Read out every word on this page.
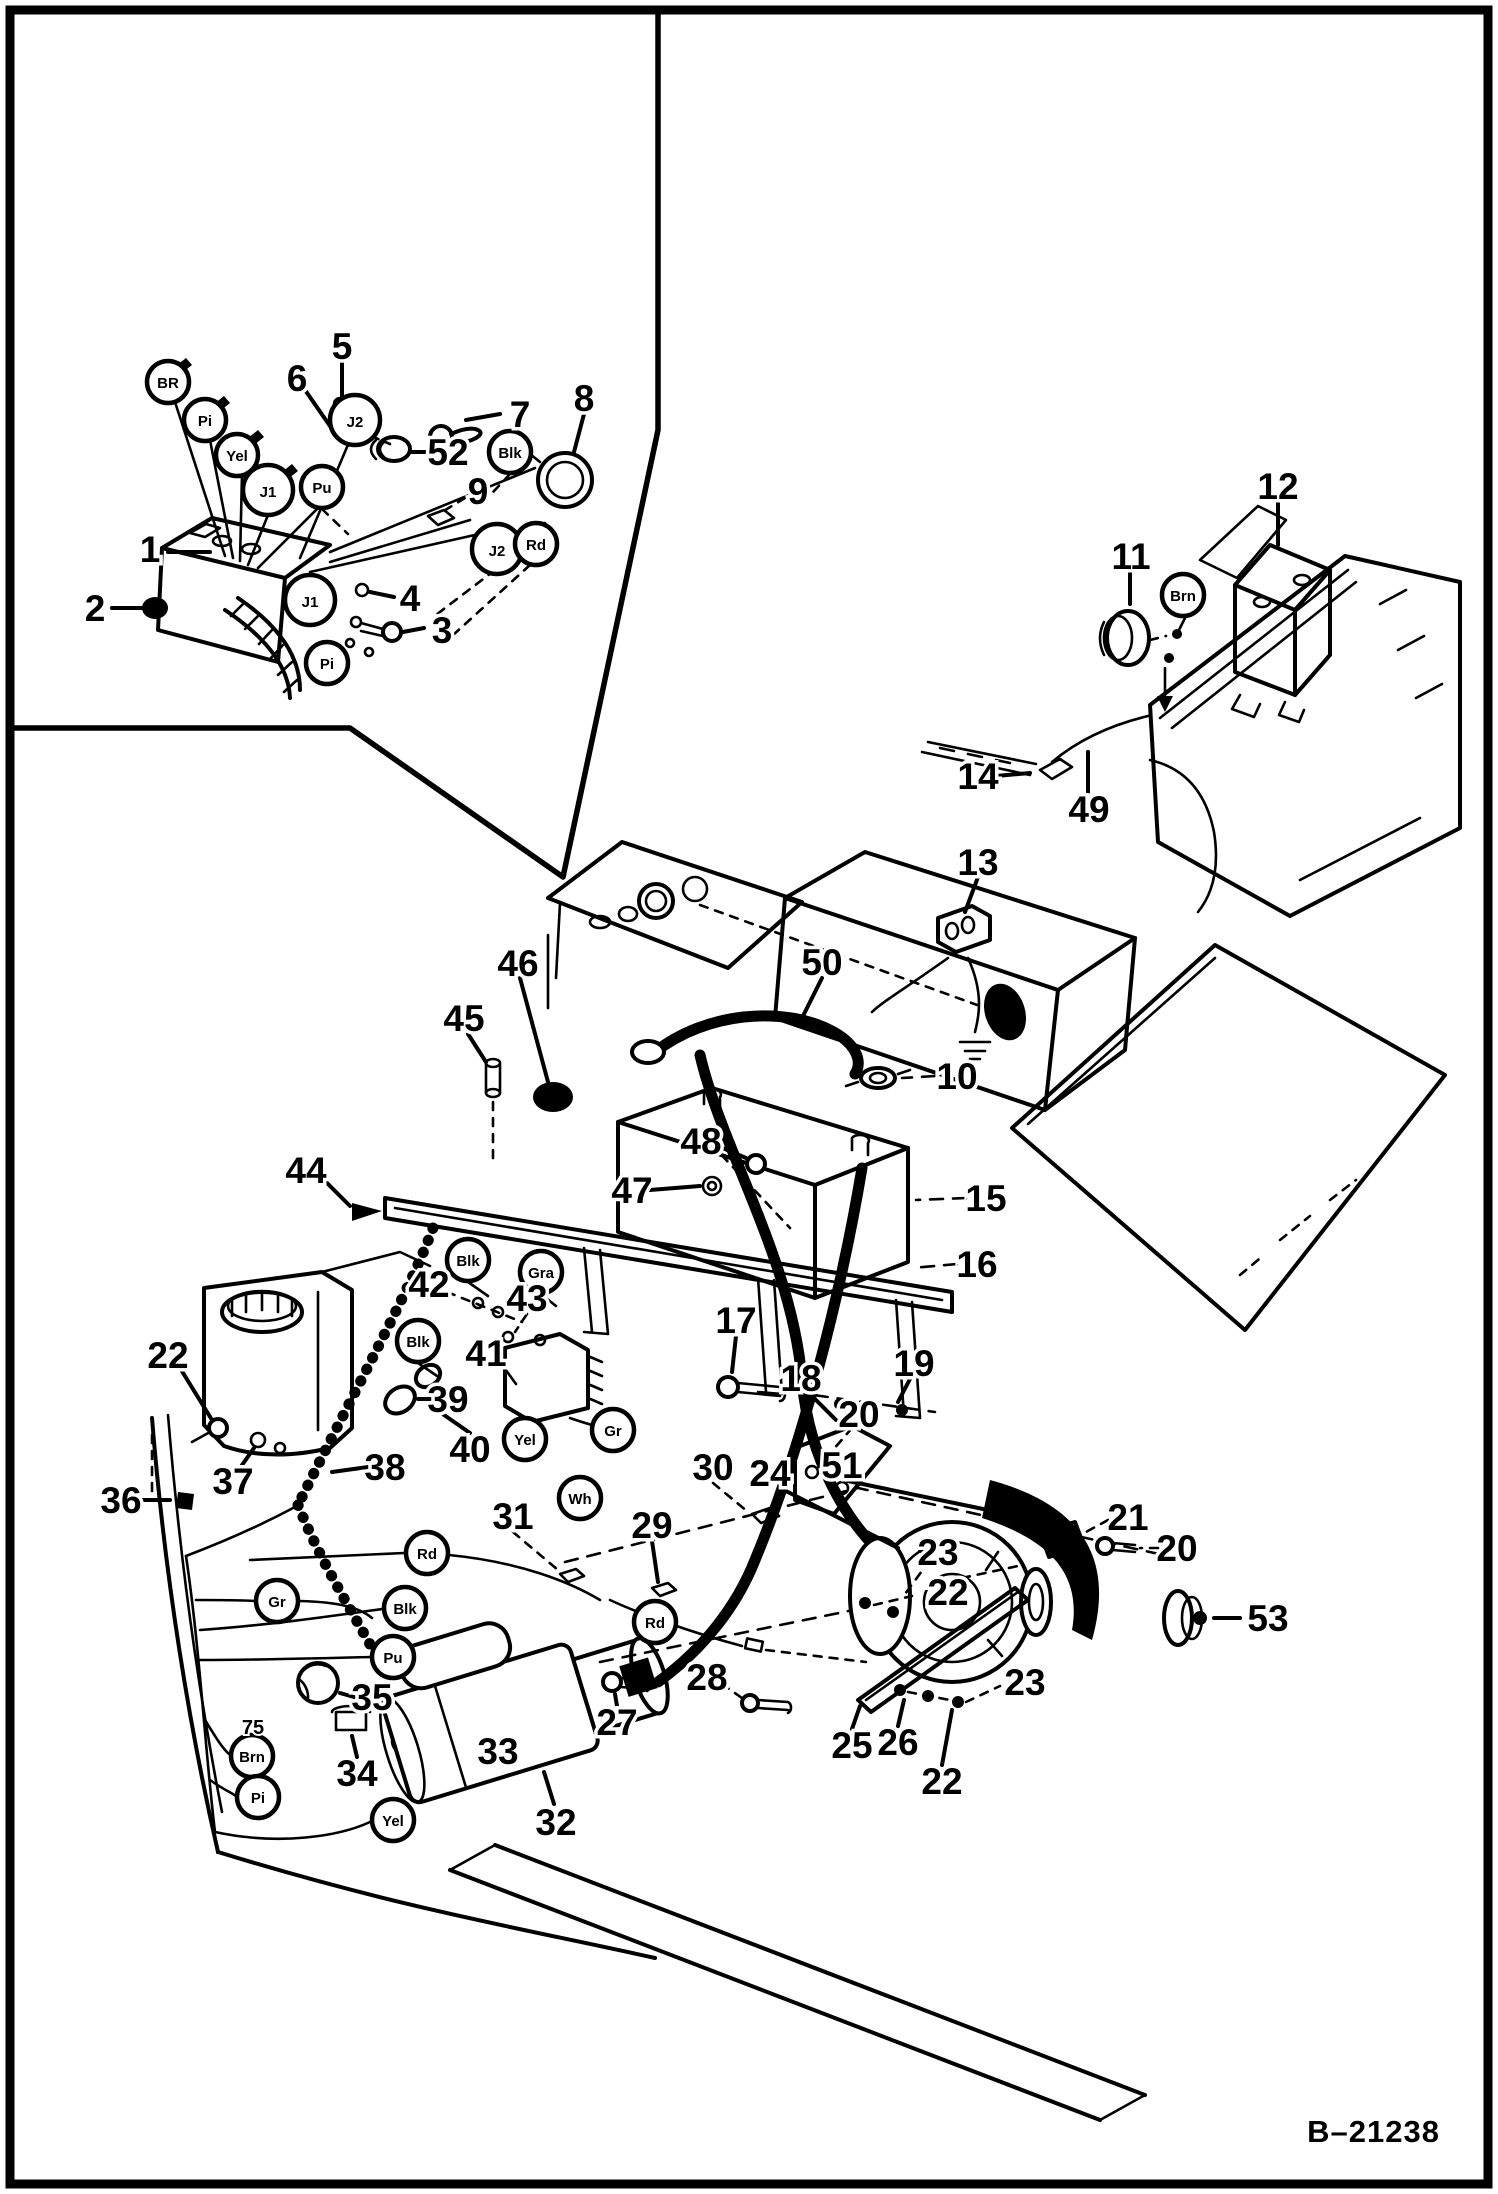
BR
Pi
Yel
J1
J2
Pu
Blk
J2 Rd
J1
Pi
Brn
Blk
Gra
Blk
Yel
Gr
Wh
Rd
Rd
Gr	Blk
Pu
Brn
Pi
Yel
1
2
3
4
5
6
7 8
9
52
11
12
14
49
13
50
46
45
10
44
15
16
48
47
17
18 19
20
22
36 37	38
39
40
41
42 43
30 24 51
29
31
23
21
20
22
53
23
25 26
22
27
28
32
35
34
33
75
B–21238
